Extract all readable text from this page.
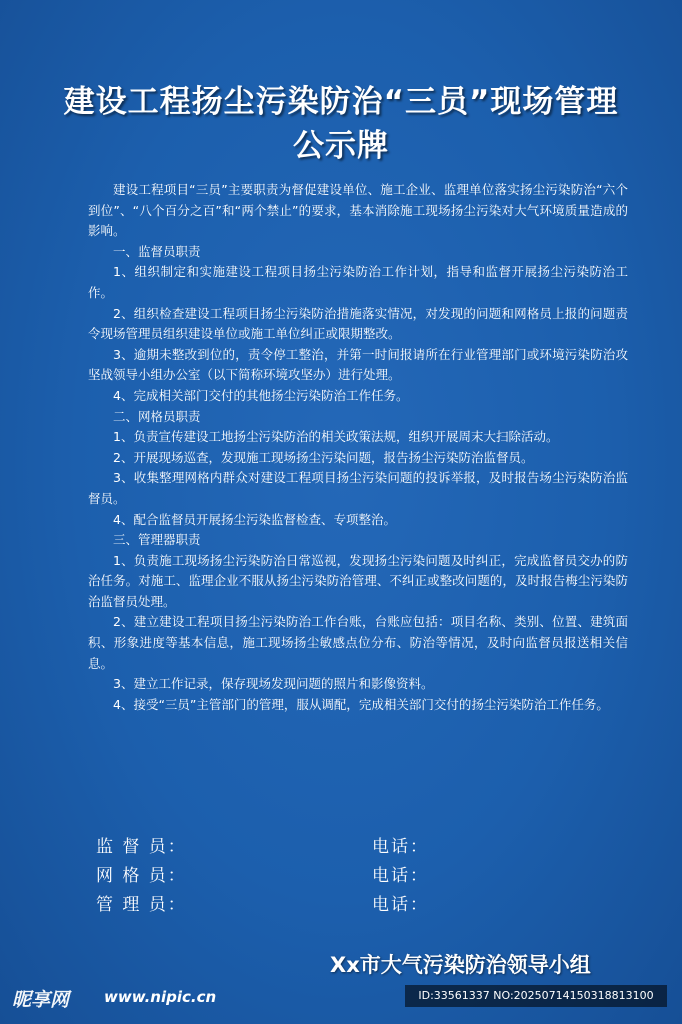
建设工程扬尘污染防治“三员”现场管理
公示牌

建设工程项目“三员”主要职责为督促建设单位、施工企业、监理单位落实扬尘污染防治“六个到位”、“八个百分之百”和“两个禁止”的要求，基本消除施工现场扬尘污染对大气环境质量造成的影响。

一、监督员职责

1、组织制定和实施建设工程项目扬尘污染防治工作计划，指导和监督开展扬尘污染防治工作。

2、组织检查建设工程项目扬尘污染防治措施落实情况，对发现的问题和网格员上报的问题责令现场管理员组织建设单位或施工单位纠正或限期整改。

3、逾期未整改到位的，责令停工整治，并第一时间报请所在行业管理部门或环境污染防治攻坚战领导小组办公室（以下简称环境攻坚办）进行处理。

4、完成相关部门交付的其他扬尘污染防治工作任务。

二、网格员职责

1、负责宣传建设工地扬尘污染防治的相关政策法规，组织开展周末大扫除活动。

2、开展现场巡查，发现施工现场扬尘污染问题，报告扬尘污染防治监督员。

3、收集整理网格内群众对建设工程项目扬尘污染问题的投诉举报，及时报告场尘污染防治监督员。

4、配合监督员开展扬尘污染监督检查、专项整治。

三、管理器职责

1、负责施工现场扬尘污染防治日常巡视，发现扬尘污染问题及时纠正，完成监督员交办的防治任务。对施工、监理企业不服从扬尘污染防治管理、不纠正或整改问题的，及时报告梅尘污染防治监督员处理。

2、建立建设工程项目扬尘污染防治工作台账，台账应包括：项目名称、类别、位置、建筑面积、形象进度等基本信息，施工现场扬尘敏感点位分布、防治等情况，及时向监督员报送相关信息。

3、建立工作记录，保存现场发现问题的照片和影像资料。

4、接受“三员”主管部门的管理，服从调配，完成相关部门交付的扬尘污染防治工作任务。

监 督 员：	电话：
网 格 员：	电话：
管 理 员：	电话：
Xx市大气污染防治领导小组
昵享网 www.nipic.cn	ID:33561337 NO:20250714150318813100
